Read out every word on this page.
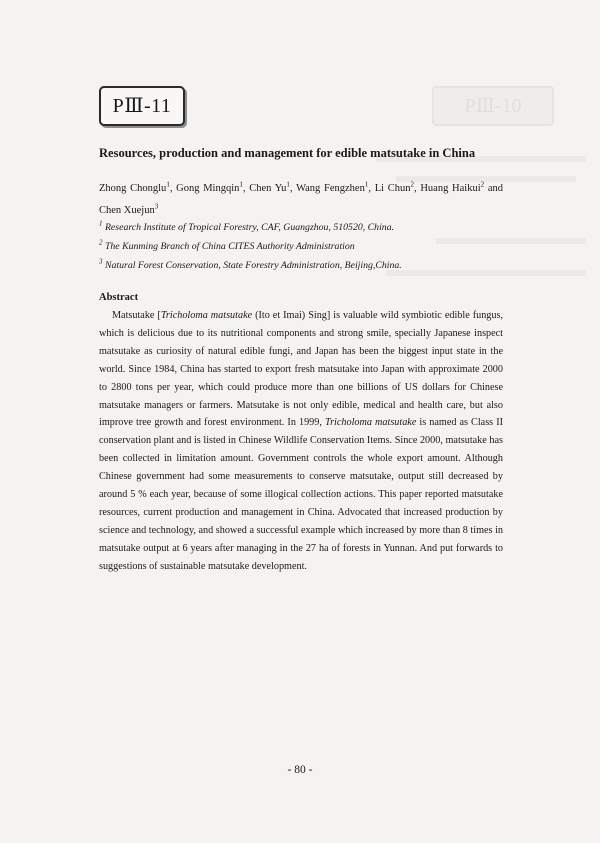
PⅢ-10
PⅢ-11
Resources, production and management for edible matsutake in China

Zhong Chonglu$^1$, Gong Mingqin$^1$, Chen Yu$^1$, Wang Fengzhen$^1$, Li Chun$^2$, Huang Haikui$^2$ and Chen Xuejun$^3$

$^1$ Research Institute of Tropical Forestry, CAF, Guangzhou, 510520, China.

$^2$ The Kunming Branch of China CITES Authority Administration

$^3$ Natural Forest Conservation, State Forestry Administration, Beijing,China.

Abstract

Matsutake [Tricholoma matsutake (Ito et Imai) Sing] is valuable wild symbiotic edible fungus, which is delicious due to its nutritional components and strong smile, specially Japanese inspect matsutake as curiosity of natural edible fungi, and Japan has been the biggest input state in the world. Since 1984, China has started to export fresh matsutake into Japan with approximate 2000 to 2800 tons per year, which could produce more than one billions of US dollars for Chinese matsutake managers or farmers. Matsutake is not only edible, medical and health care, but also improve tree growth and forest environment. In 1999, Tricholoma matsutake is named as Class II conservation plant and is listed in Chinese Wildlife Conservation Items. Since 2000, matsutake has been collected in limitation amount. Government controls the whole export amount. Although Chinese government had some measurements to conserve matsutake, output still decreased by around 5 % each year, because of some illogical collection actions. This paper reported matsutake resources, current production and management in China. Advocated that increased production by science and technology, and showed a successful example which increased by more than 8 times in matsutake output at 6 years after managing in the 27 ha of forests in Yunnan. And put forwards to suggestions of sustainable matsutake development.

- 80 -
